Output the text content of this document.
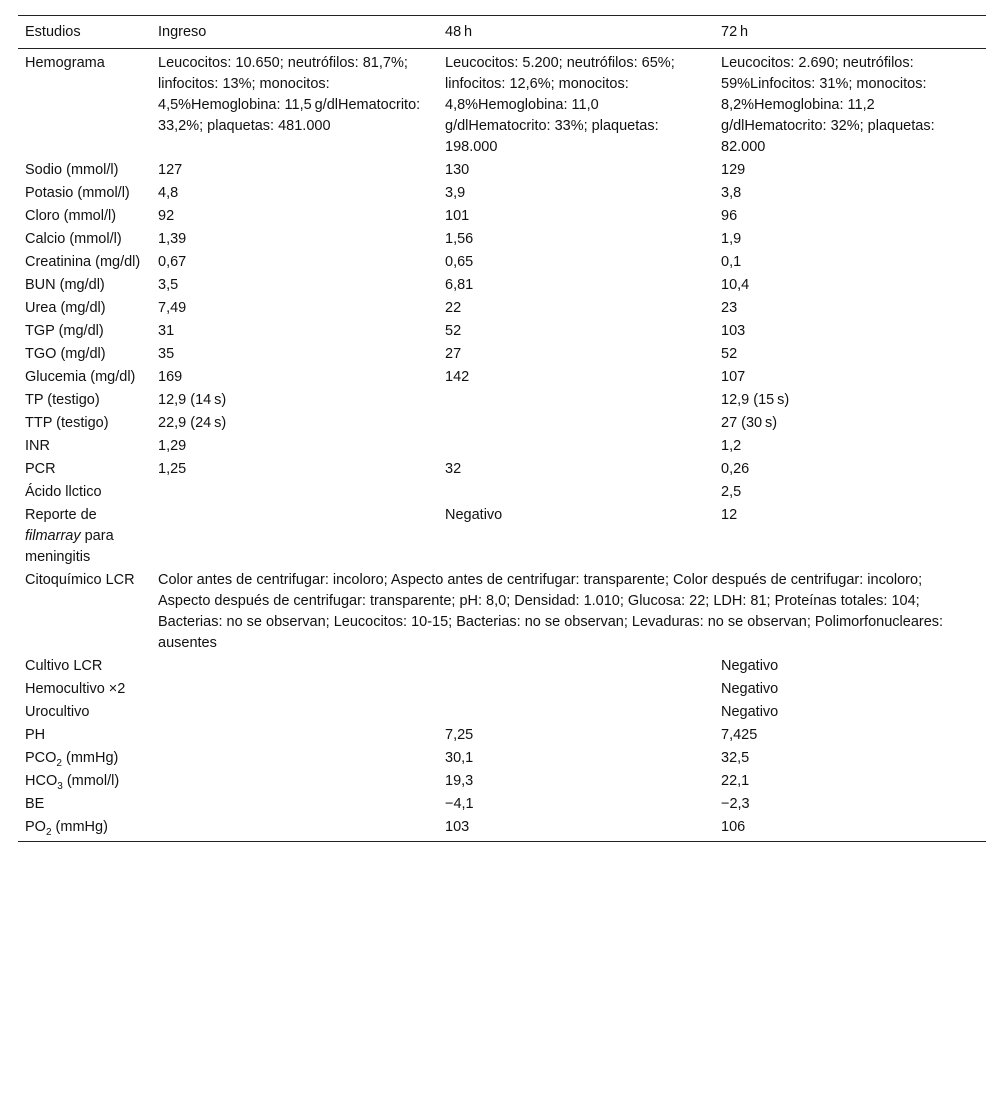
Estudios	Ingreso	48 h	72 h
Hemograma	Leucocitos: 10.650; neutrófilos: 81,7%; linfocitos: 13%; monocitos: 4,5%Hemoglobina: 11,5 g/dlHematocrito: 33,2%; plaquetas: 481.000	Leucocitos: 5.200; neutrófilos: 65%; linfocitos: 12,6%; monocitos: 4,8%Hemoglobina: 11,0 g/dlHematocrito: 33%; plaquetas: 198.000	Leucocitos: 2.690; neutrófilos: 59%Linfocitos: 31%; monocitos: 8,2%Hemoglobina: 11,2 g/dlHematocrito: 32%; plaquetas: 82.000
Sodio (mmol/l)	127	130	129
Potasio (mmol/l)	4,8	3,9	3,8
Cloro (mmol/l)	92	101	96
Calcio (mmol/l)	1,39	1,56	1,9
Creatinina (mg/dl)	0,67	0,65	0,1
BUN (mg/dl)	3,5	6,81	10,4
Urea (mg/dl)	7,49	22	23
TGP (mg/dl)	31	52	103
TGO (mg/dl)	35	27	52
Glucemia (mg/dl)	169	142	107
TP (testigo)	12,9 (14 s)		12,9 (15 s)
TTP (testigo)	22,9 (24 s)		27 (30 s)
INR	1,29		1,2
PCR	1,25	32	0,26
Ácido llctico			2,5
Reporte de filmarray para meningitis		Negativo	12
Citoquímico LCR	Color antes de centrifugar: incoloro; Aspecto antes de centrifugar: transparente; Color después de centrifugar: incoloro; Aspecto después de centrifugar: transparente; pH: 8,0; Densidad: 1.010; Glucosa: 22; LDH: 81; Proteínas totales: 104; Bacterias: no se observan; Leucocitos: 10-15; Bacterias: no se observan; Levaduras: no se observan; Polimorfonucleares: ausentes		
Cultivo LCR			Negativo
Hemocultivo ×2			Negativo
Urocultivo			Negativo
PH		7,25	7,425
$PCO_2$ (mmHg)		30,1	32,5
$HCO_3$ (mmol/l)		19,3	22,1
BE		−4,1	−2,3
$PO_2$ (mmHg)		103	106
